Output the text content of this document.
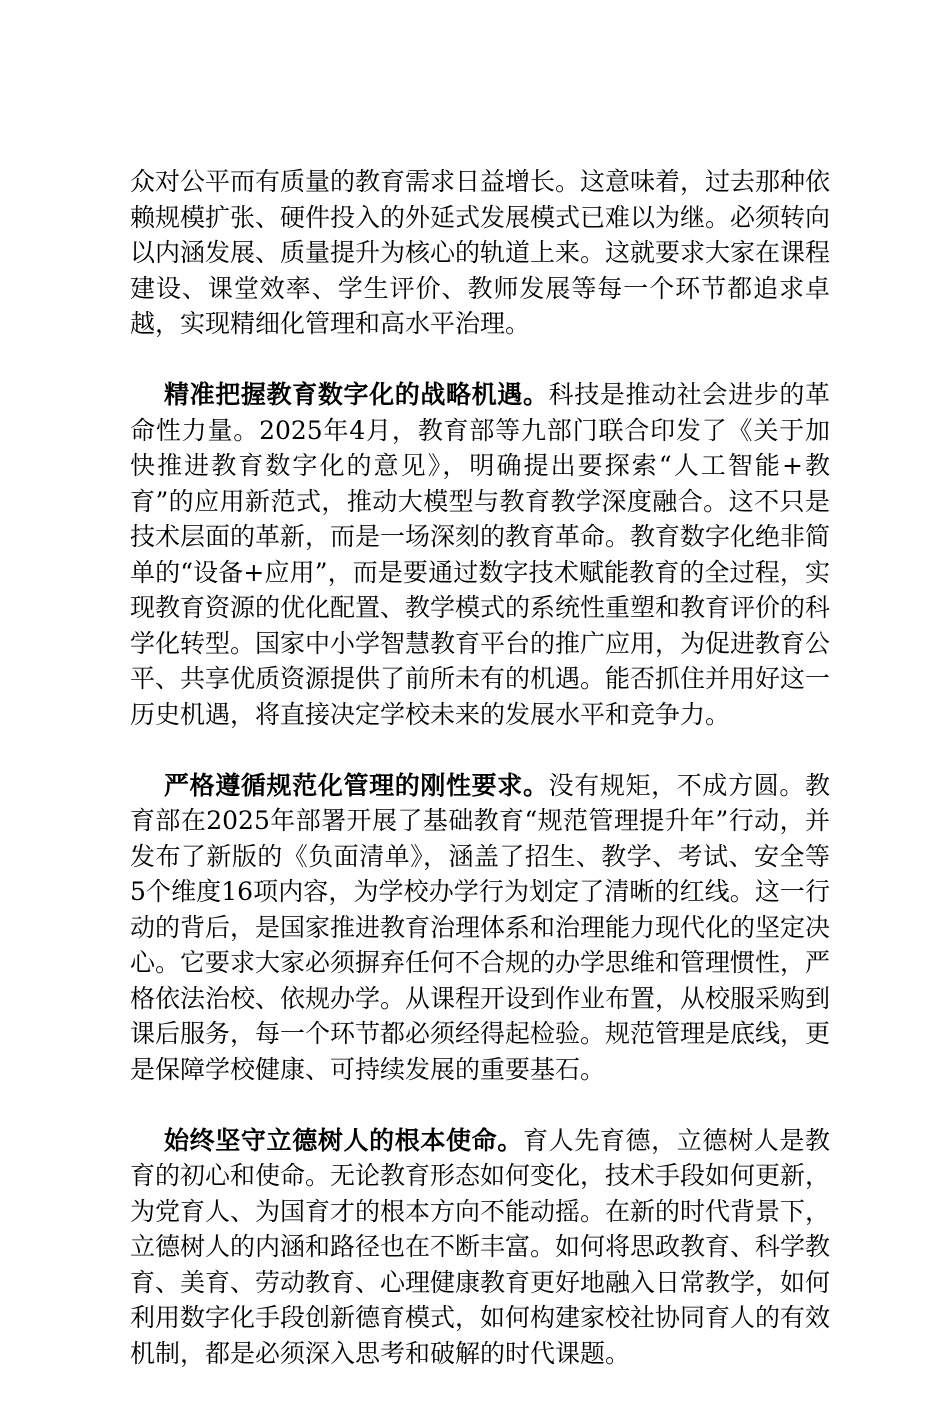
众对公平而有质量的教育需求日益增长。这意味着，过去那种依赖规模扩张、硬件投入的外延式发展模式已难以为继。必须转向以内涵发展、质量提升为核心的轨道上来。这就要求大家在课程建设、课堂效率、学生评价、教师发展等每一个环节都追求卓越，实现精细化管理和高水平治理。

精准把握教育数字化的战略机遇。科技是推动社会进步的革命性力量。2025年4月，教育部等九部门联合印发了《关于加快推进教育数字化的意见》，明确提出要探索“人工智能+教育”的应用新范式，推动大模型与教育教学深度融合。这不只是技术层面的革新，而是一场深刻的教育革命。教育数字化绝非简单的“设备+应用”，而是要通过数字技术赋能教育的全过程，实现教育资源的优化配置、教学模式的系统性重塑和教育评价的科学化转型。国家中小学智慧教育平台的推广应用，为促进教育公平、共享优质资源提供了前所未有的机遇。能否抓住并用好这一历史机遇，将直接决定学校未来的发展水平和竞争力。

严格遵循规范化管理的刚性要求。没有规矩，不成方圆。教育部在2025年部署开展了基础教育“规范管理提升年”行动，并发布了新版的《负面清单》，涵盖了招生、教学、考试、安全等5个维度16项内容，为学校办学行为划定了清晰的红线。这一行动的背后，是国家推进教育治理体系和治理能力现代化的坚定决心。它要求大家必须摒弃任何不合规的办学思维和管理惯性，严格依法治校、依规办学。从课程开设到作业布置，从校服采购到课后服务，每一个环节都必须经得起检验。规范管理是底线，更是保障学校健康、可持续发展的重要基石。

始终坚守立德树人的根本使命。育人先育德，立德树人是教育的初心和使命。无论教育形态如何变化，技术手段如何更新，为党育人、为国育才的根本方向不能动摇。在新的时代背景下，立德树人的内涵和路径也在不断丰富。如何将思政教育、科学教育、美育、劳动教育、心理健康教育更好地融入日常教学，如何利用数字化手段创新德育模式，如何构建家校社协同育人的有效机制，都是必须深入思考和破解的时代课题。
